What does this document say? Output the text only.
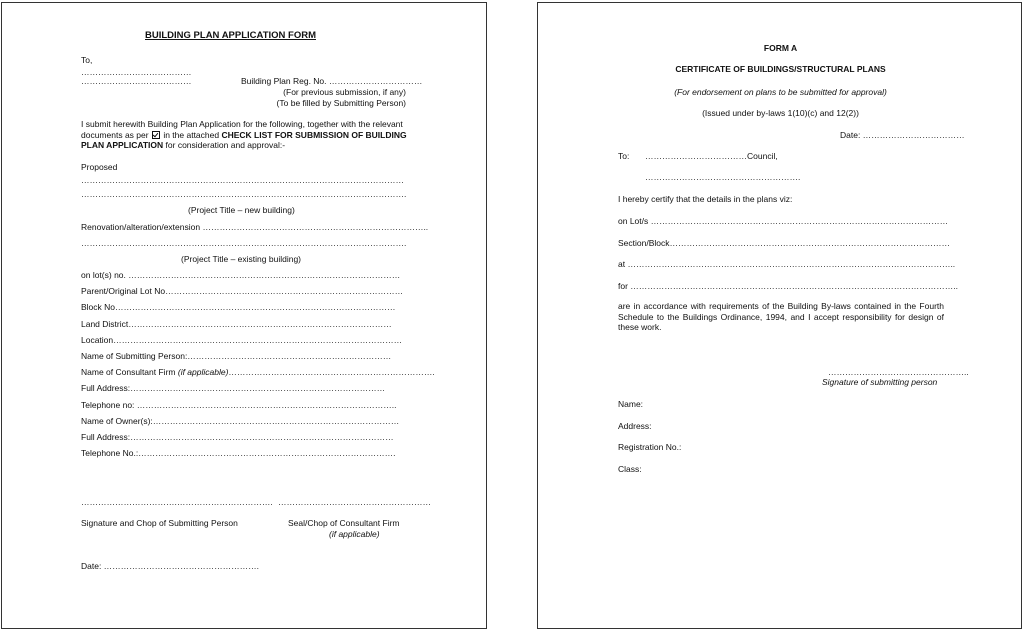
BUILDING PLAN APPLICATION FORM
To,
…………………………………
…………………………………	Building Plan Reg. No. ……………………………
(For previous submission, if any)
(To be filled by Submitting Person)
I submit herewith Building Plan Application for the following, together with the relevant documents as per in the attached CHECK LIST FOR SUBMISSION OF BUILDING PLAN APPLICATION for consideration and approval:-
Proposed
……………………………………………………………………………………………………
…………………………………………………………………………………………………….
(Project Title – new building)
Renovation/alteration/extension ……………………………………………………………………..
…………………………………………………………………………………………………….
(Project Title – existing building)
on lot(s) no. ……………………………………………………………………………………
Parent/Original Lot No…………………………………………………………………………
Block No………………………………………………………………………………………
Land District…………………………………………………………………………………
Location…………………………………………………………………………………………
Name of Submitting Person:………………………………………………………………
Name of Consultant Firm (if applicable)……………………………………………………………….
Full Address:………………………………………………………………………………
Telephone no: ………………………………………………………………………………..
Name of Owner(s):……………………………………………………………………………
Full Address:…………………………………………………………………………………
Telephone No.:……………………………………………………………………………….
…………………………….……………………………. ………………………………………………
Signature and Chop of Submitting Person	Seal/Chop of Consultant Firm
(if applicable)
Date: ……………………………………………….
FORM A
CERTIFICATE OF BUILDINGS/STRUCTURAL PLANS
(For endorsement on plans to be submitted for approval)
(Issued under by-laws 1(10)(c) and 12(2))
Date: ………………………………
To: ………………………………Council,
……………………………………………….
I hereby certify that the details in the plans viz:
on Lot/s ……………………………………………………………………………………………
Section/Block………………………………………………………………………………………
at ……………………………………………………………………………………………………..
for ……………………………………………………………………………………………………..
are in accordance with requirements of the Building By-laws contained in the Fourth Schedule to the Buildings Ordinance, 1994, and I accept responsibility for design of these work.
…………………………………………..
Signature of submitting person
Name:
Address:
Registration No.:
Class:
